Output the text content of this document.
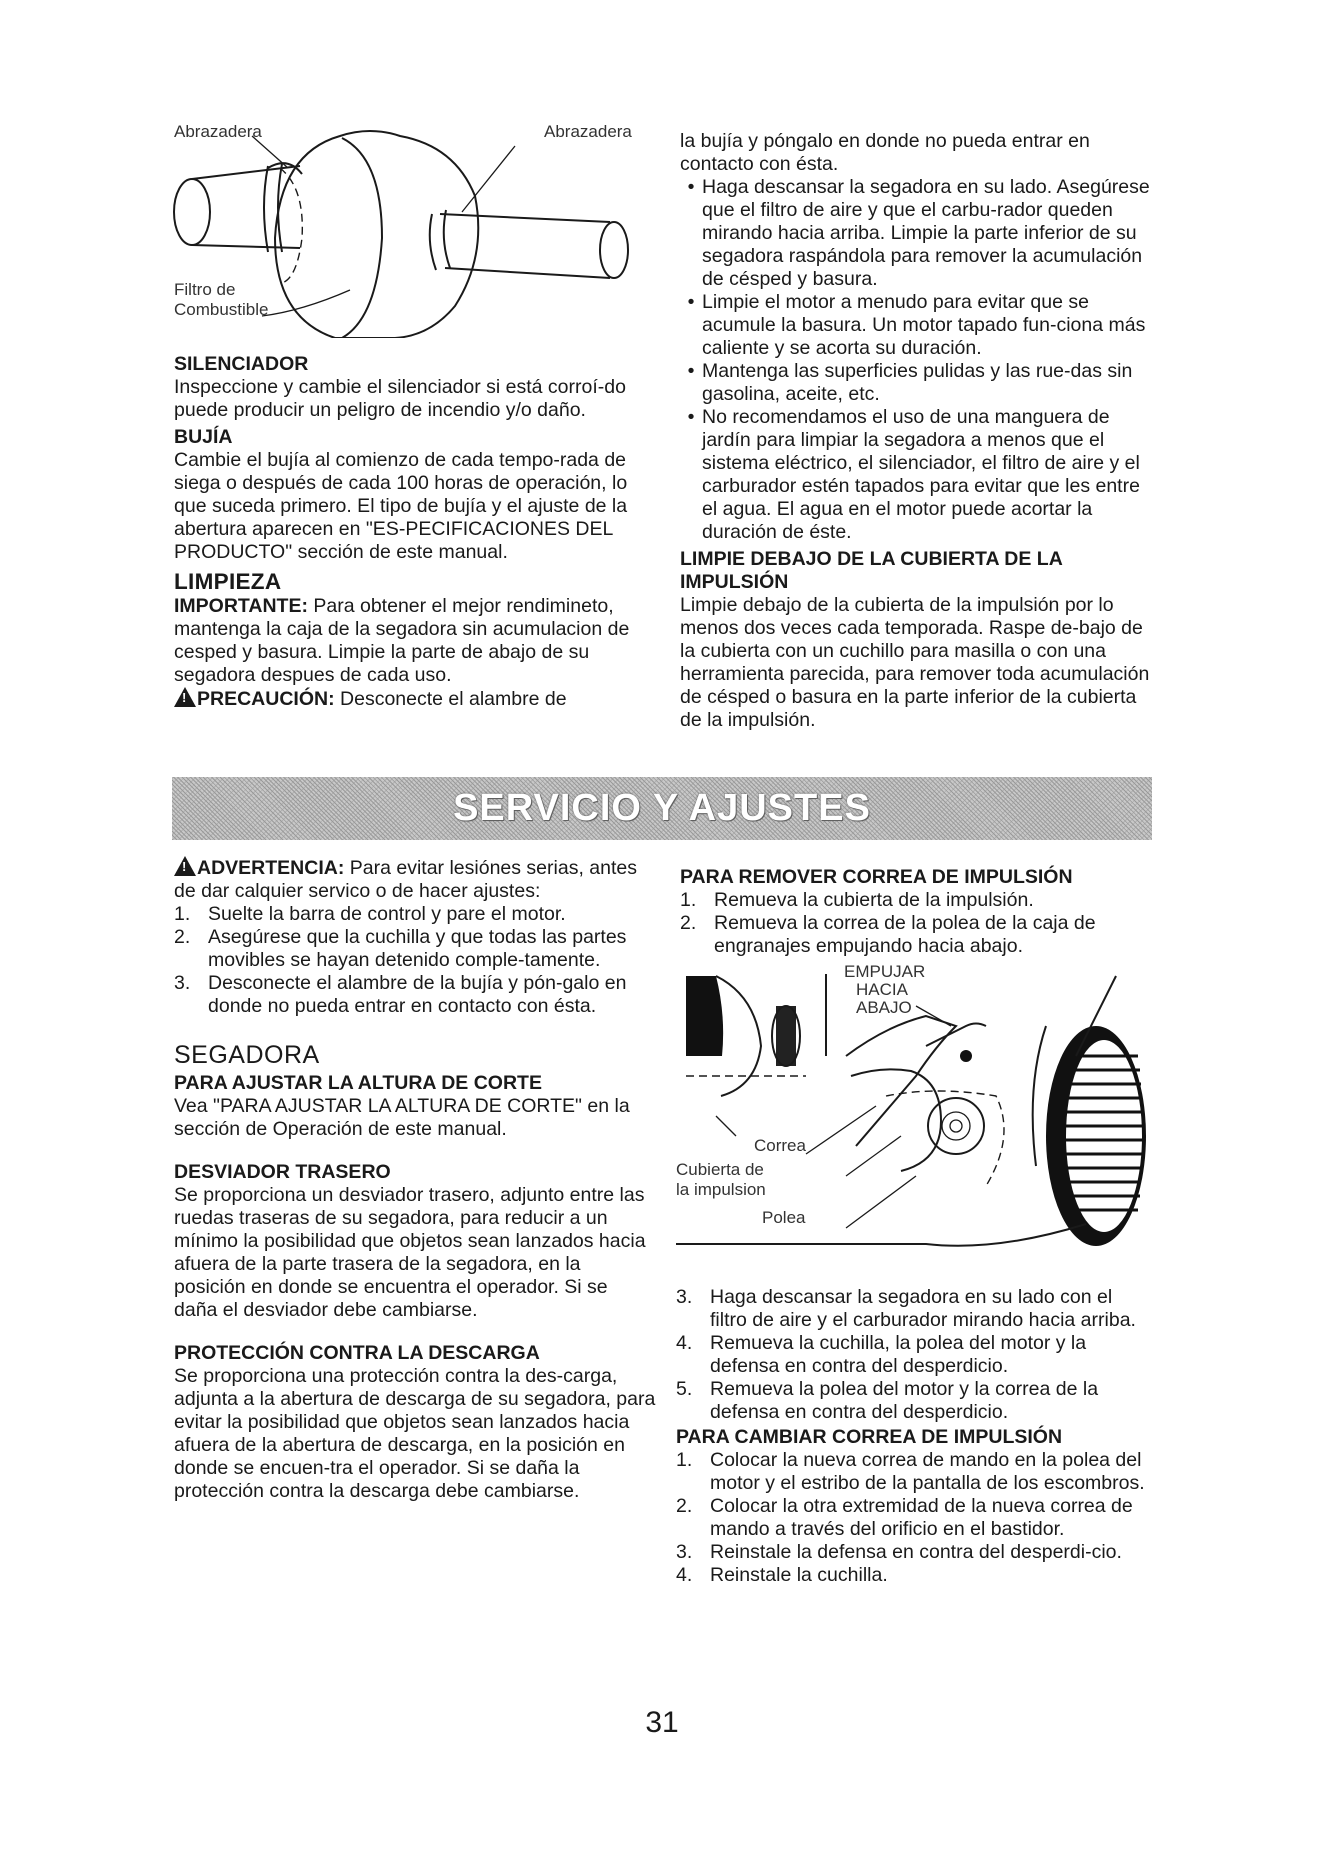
Abrazadera	Abrazadera
Filtro de
Combustible

SILENCIADOR

Inspeccione y cambie el silenciador si está corroí-do puede producir un peligro de incendio y/o daño.

BUJÍA

Cambie el bujía al comienzo de cada tempo-rada de siega o después de cada 100 horas de operación, lo que suceda primero. El tipo de bujía y el ajuste de la abertura aparecen en "ES-PECIFICACIONES DEL PRODUCTO" sección de este manual.

LIMPIEZA

IMPORTANTE: Para obtener el mejor rendimineto, mantenga la caja de la segadora sin acumulacion de cesped y basura. Limpie la parte de abajo de su segadora despues de cada uso.

!PRECAUCIÓN: Desconecte el alambre de

la bujía y póngalo en donde no pueda entrar en contacto con ésta.

• Haga descansar la segadora en su lado. Asegúrese que el filtro de aire y que el carbu-rador queden mirando hacia arriba. Limpie la parte inferior de su segadora raspándola para remover la acumulación de césped y basura.
• Limpie el motor a menudo para evitar que se acumule la basura. Un motor tapado fun-ciona más caliente y se acorta su duración.
• Mantenga las superficies pulidas y las rue-das sin gasolina, aceite, etc.
• No recomendamos el uso de una manguera de jardín para limpiar la segadora a menos que el sistema eléctrico, el silenciador, el filtro de aire y el carburador estén tapados para evitar que les entre el agua. El agua en el motor puede acortar la duración de éste.

LIMPIE DEBAJO DE LA CUBIERTA DE LA IMPULSIÓN

Limpie debajo de la cubierta de la impulsión por lo menos dos veces cada temporada. Raspe de-bajo de la cubierta con un cuchillo para masilla o con una herramienta parecida, para remover toda acumulación de césped o basura en la parte inferior de la cubierta de la impulsión.

SERVICIO Y AJUSTES

!ADVERTENCIA: Para evitar lesiónes serias, antes de dar calquier servico o de hacer ajustes:

1. Suelte la barra de control y pare el motor.
2. Asegúrese que la cuchilla y que todas las partes movibles se hayan detenido comple-tamente.
3. Desconecte el alambre de la bujía y pón-galo en donde no pueda entrar en contacto con ésta.

SEGADORA

PARA AJUSTAR LA ALTURA DE CORTE

Vea "PARA AJUSTAR LA ALTURA DE CORTE" en la sección de Operación de este manual.

DESVIADOR TRASERO

Se proporciona un desviador trasero, adjunto entre las ruedas traseras de su segadora, para reducir a un mínimo la posibilidad que objetos sean lanzados hacia afuera de la parte trasera de la segadora, en la posición en donde se encuentra el operador. Si se daña el desviador debe cambiarse.

PROTECCIÓN CONTRA LA DESCARGA

Se proporciona una protección contra la des-carga, adjunta a la abertura de descarga de su segadora, para evitar la posibilidad que objetos sean lanzados hacia afuera de la abertura de descarga, en la posición en donde se encuen-tra el operador. Si se daña la protección contra la descarga debe cambiarse.

PARA REMOVER CORREA DE IMPULSIÓN

1. Remueva la cubierta de la impulsión.
2. Remueva la correa de la polea de la caja de engranajes empujando hacia abajo.
EMPUJAR
HACIA
ABAJO
Correa
Cubierta de
la impulsion
Polea
3. Haga descansar la segadora en su lado con el filtro de aire y el carburador mirando hacia arriba.
4. Remueva la cuchilla, la polea del motor y la defensa en contra del desperdicio.
5. Remueva la polea del motor y la correa de la defensa en contra del desperdicio.

PARA CAMBIAR CORREA DE IMPULSIÓN

1. Colocar la nueva correa de mando en la polea del motor y el estribo de la pantalla de los escombros.
2. Colocar la otra extremidad de la nueva correa de mando a través del orificio en el bastidor.
3. Reinstale la defensa en contra del desperdi-cio.
4. Reinstale la cuchilla.
31
